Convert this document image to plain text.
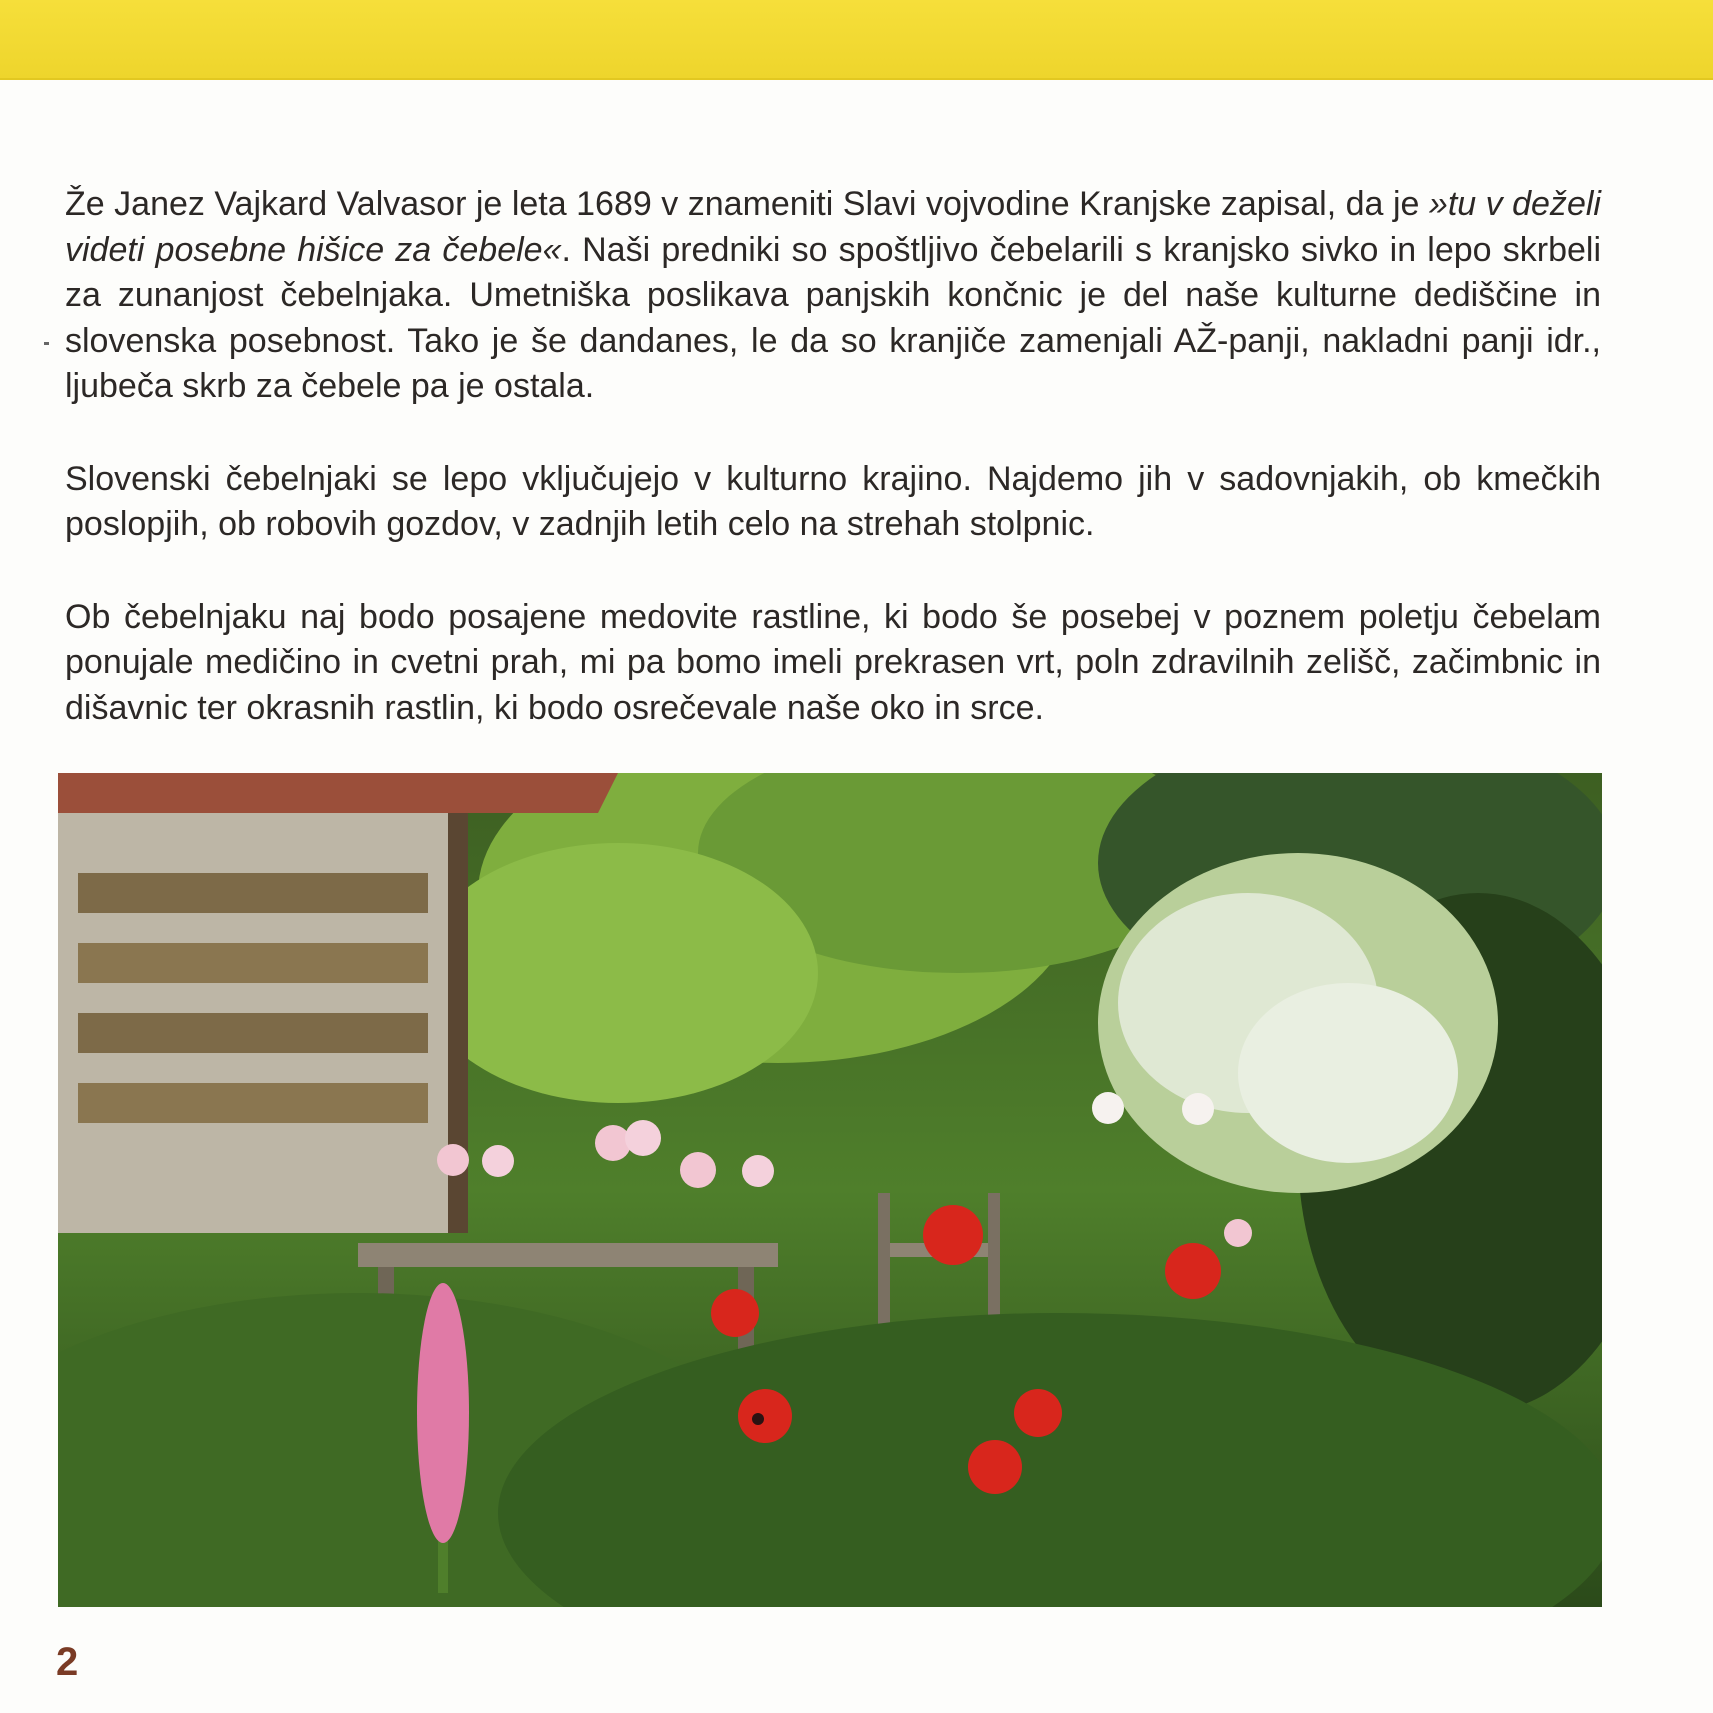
Že Janez Vajkard Valvasor je leta 1689 v znameniti Slavi vojvodine Kranjske zapisal, da je »tu v deželi videti posebne hišice za čebele«. Naši predniki so spoštljivo čebelarili s kranjsko sivko in lepo skrbeli za zunanjost čebelnjaka. Umetniška poslikava panjskih končnic je del naše kulturne dediščine in slovenska posebnost. Tako je še dandanes, le da so kranjiče zamenjali AŽ-panji, nakladni panji idr., ljubeča skrb za čebele pa je ostala.

Slovenski čebelnjaki se lepo vključujejo v kulturno krajino. Najdemo jih v sadovnjakih, ob kmečkih poslopjih, ob robovih gozdov, v zadnjih letih celo na strehah stolpnic.

Ob čebelnjaku naj bodo posajene medovite rastline, ki bodo še posebej v poznem poletju čebelam ponujale medičino in cvetni prah, mi pa bomo imeli prekrasen vrt, poln zdravilnih zelišč, začimbnic in dišavnic ter okrasnih rastlin, ki bodo osrečevale naše oko in srce.

2
